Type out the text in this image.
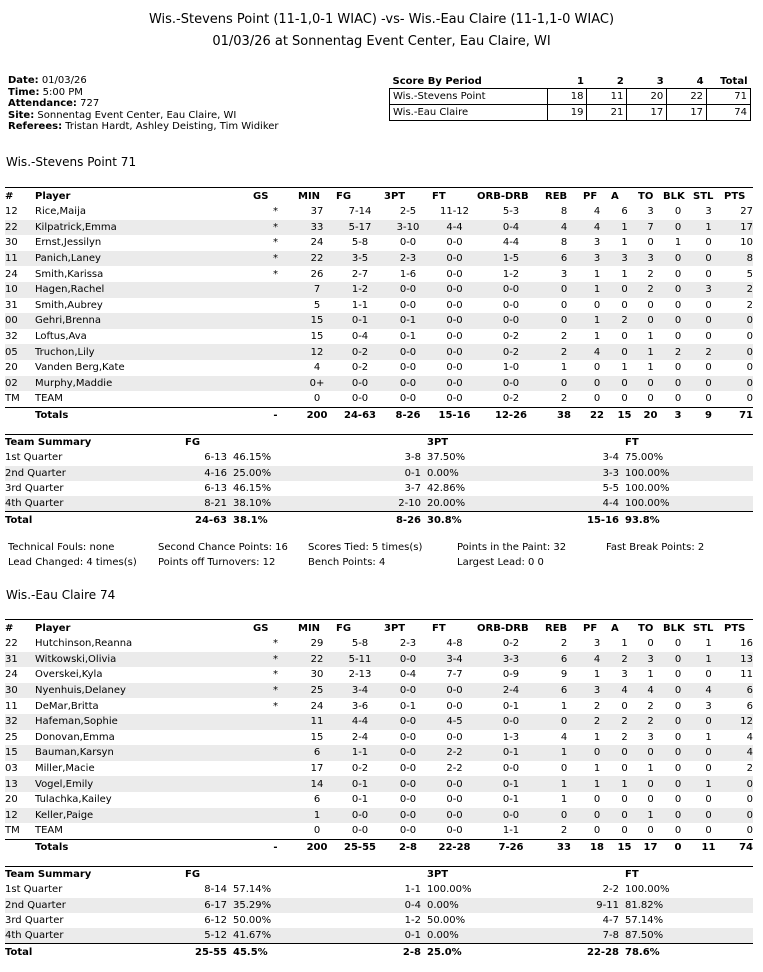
Wis.-Stevens Point (11-1,0-1 WIAC) -vs- Wis.-Eau Claire (11-1,1-0 WIAC)
01/03/26 at Sonnentag Event Center, Eau Claire, WI
Date: 01/03/26
Time: 5:00 PM
Attendance: 727
Site: Sonnentag Event Center, Eau Claire, WI
Referees: Tristan Hardt, Ashley Deisting, Tim Widiker
Score By Period	1	2	3	4	Total
Wis.-Stevens Point	18	11	20	22	71
Wis.-Eau Claire	19	21	17	17	74
Wis.-Stevens Point 71
#	Player	GS	MIN	FG	3PT	FT	ORB-DRB	REB	PF	A	TO	BLK	STL	PTS
12	Rice,Maija	*	37	7-14	2-5	11-12	5-3	8	4	6	3	0	3	27
22	Kilpatrick,Emma	*	33	5-17	3-10	4-4	0-4	4	4	1	7	0	1	17
30	Ernst,Jessilyn	*	24	5-8	0-0	0-0	4-4	8	3	1	0	1	0	10
11	Panich,Laney	*	22	3-5	2-3	0-0	1-5	6	3	3	3	0	0	8
24	Smith,Karissa	*	26	2-7	1-6	0-0	1-2	3	1	1	2	0	0	5
10	Hagen,Rachel		7	1-2	0-0	0-0	0-0	0	1	0	2	0	3	2
31	Smith,Aubrey		5	1-1	0-0	0-0	0-0	0	0	0	0	0	0	2
00	Gehri,Brenna		15	0-1	0-1	0-0	0-0	0	1	2	0	0	0	0
32	Loftus,Ava		15	0-4	0-1	0-0	0-2	2	1	0	1	0	0	0
05	Truchon,Lily		12	0-2	0-0	0-0	0-2	2	4	0	1	2	2	0
20	Vanden Berg,Kate		4	0-2	0-0	0-0	1-0	1	0	1	1	0	0	0
02	Murphy,Maddie		0+	0-0	0-0	0-0	0-0	0	0	0	0	0	0	0
TM	TEAM		0	0-0	0-0	0-0	0-2	2	0	0	0	0	0	0
	Totals	-	200	24-63	8-26	15-16	12-26	38	22	15	20	3	9	71
Team Summary	FG			3PT		FT	
1st Quarter	6-13	46.15%	3-8	37.50%	3-4	75.00%	
2nd Quarter	4-16	25.00%	0-1	0.00%	3-3	100.00%	
3rd Quarter	6-13	46.15%	3-7	42.86%	5-5	100.00%	
4th Quarter	8-21	38.10%	2-10	20.00%	4-4	100.00%	
Total	24-63	38.1%	8-26	30.8%	15-16	93.8%	
Technical Fouls: none	Second Chance Points: 16 Scores Tied: 5 times(s)	Points in the Paint: 32	Fast Break Points: 2
Lead Changed: 4 times(s) Points off Turnovers: 12	Bench Points: 4	Largest Lead: 0 0
Wis.-Eau Claire 74
#	Player	GS	MIN	FG	3PT	FT	ORB-DRB	REB	PF	A	TO	BLK	STL	PTS
22	Hutchinson,Reanna	*	29	5-8	2-3	4-8	0-2	2	3	1	0	0	1	16
31	Witkowski,Olivia	*	22	5-11	0-0	3-4	3-3	6	4	2	3	0	1	13
24	Overskei,Kyla	*	30	2-13	0-4	7-7	0-9	9	1	3	1	0	0	11
30	Nyenhuis,Delaney	*	25	3-4	0-0	0-0	2-4	6	3	4	4	0	4	6
11	DeMar,Britta	*	24	3-6	0-1	0-0	0-1	1	2	0	2	0	3	6
32	Hafeman,Sophie		11	4-4	0-0	4-5	0-0	0	2	2	2	0	0	12
25	Donovan,Emma		15	2-4	0-0	0-0	1-3	4	1	2	3	0	1	4
15	Bauman,Karsyn		6	1-1	0-0	2-2	0-1	1	0	0	0	0	0	4
03	Miller,Macie		17	0-2	0-0	2-2	0-0	0	1	0	1	0	0	2
13	Vogel,Emily		14	0-1	0-0	0-0	0-1	1	1	1	0	0	1	0
20	Tulachka,Kailey		6	0-1	0-0	0-0	0-1	1	0	0	0	0	0	0
12	Keller,Paige		1	0-0	0-0	0-0	0-0	0	0	0	1	0	0	0
TM	TEAM		0	0-0	0-0	0-0	1-1	2	0	0	0	0	0	0
	Totals	-	200	25-55	2-8	22-28	7-26	33	18	15	17	0	11	74
Team Summary	FG			3PT		FT	
1st Quarter	8-14	57.14%	1-1	100.00%	2-2	100.00%	
2nd Quarter	6-17	35.29%	0-4	0.00%	9-11	81.82%	
3rd Quarter	6-12	50.00%	1-2	50.00%	4-7	57.14%	
4th Quarter	5-12	41.67%	0-1	0.00%	7-8	87.50%	
Total	25-55	45.5%	2-8	25.0%	22-28	78.6%	
